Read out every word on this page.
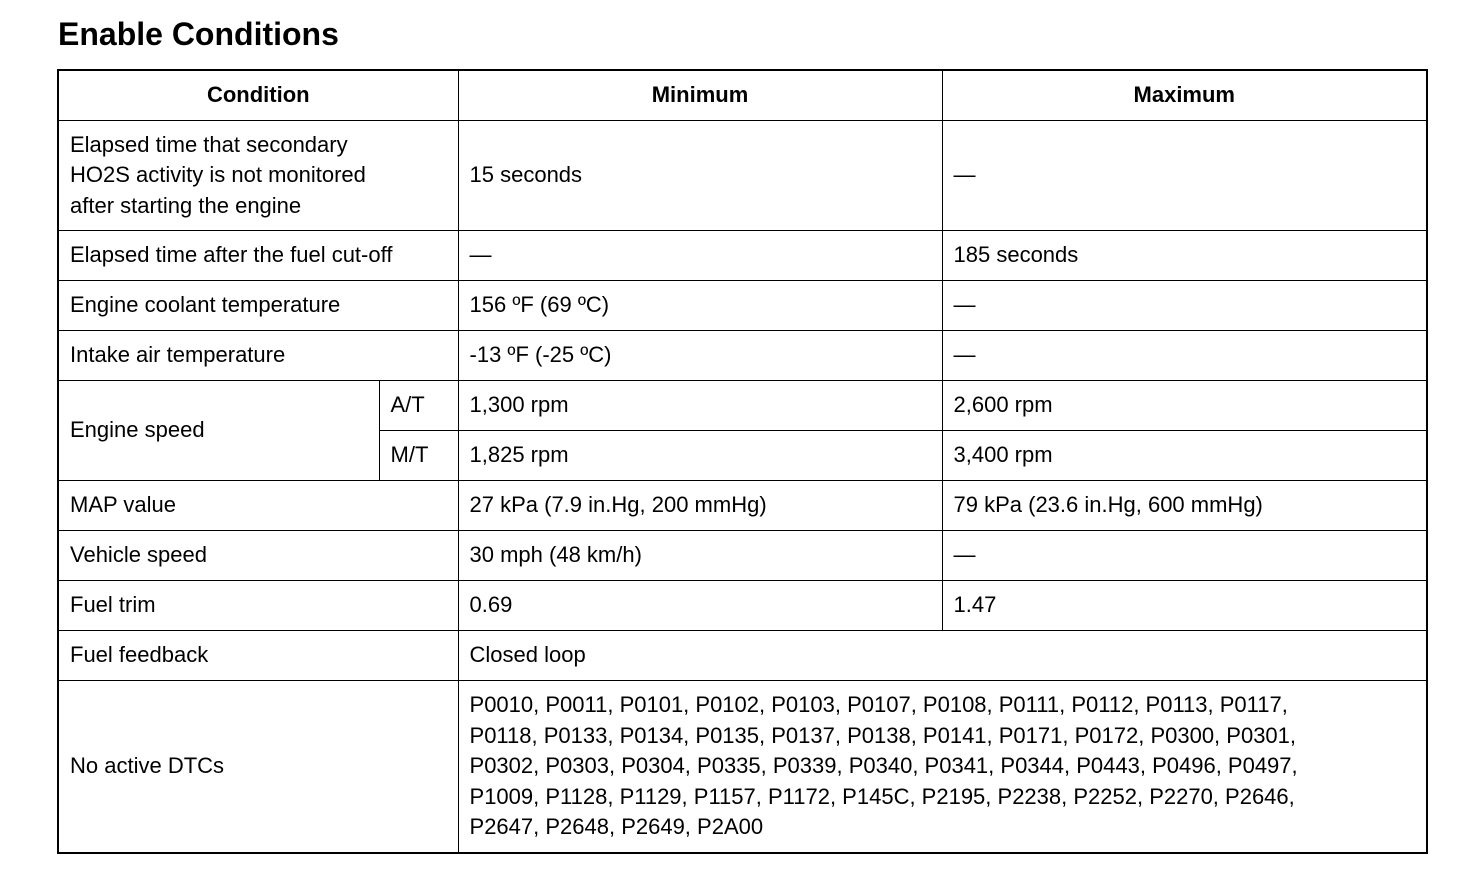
Enable Conditions
Condition		Minimum	Maximum
Elapsed time that secondary
HO2S activity is not monitored
after starting the engine		15 seconds	—
Elapsed time after the fuel cut-off		—	185 seconds
Engine coolant temperature		156 ºF (69 ºC)	—
Intake air temperature		-13 ºF (-25 ºC)	—
Engine speed	A/T	1,300 rpm	2,600 rpm
	M/T	1,825 rpm	3,400 rpm
MAP value		27 kPa (7.9 in.Hg, 200 mmHg)	79 kPa (23.6 in.Hg, 600 mmHg)
Vehicle speed		30 mph (48 km/h)	—
Fuel trim		0.69	1.47
Fuel feedback		Closed loop	
No active DTCs		P0010, P0011, P0101, P0102, P0103, P0107, P0108, P0111, P0112, P0113, P0117,
P0118, P0133, P0134, P0135, P0137, P0138, P0141, P0171, P0172, P0300, P0301,
P0302, P0303, P0304, P0335, P0339, P0340, P0341, P0344, P0443, P0496, P0497,
P1009, P1128, P1129, P1157, P1172, P145C, P2195, P2238, P2252, P2270, P2646,
P2647, P2648, P2649, P2A00	
